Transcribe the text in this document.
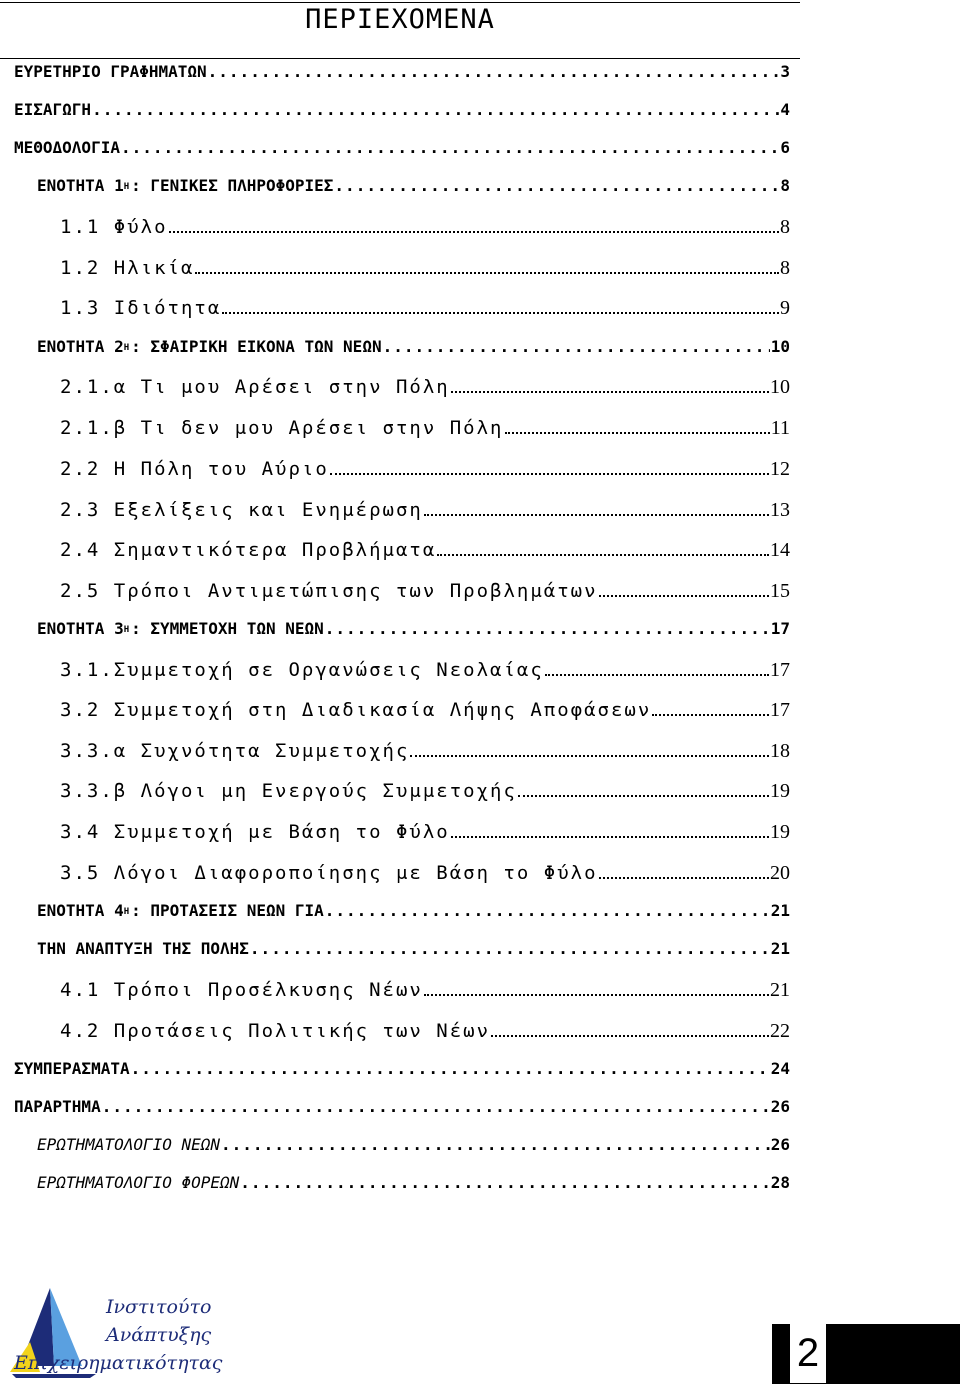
ΠΕΡΙΕΧΟΜΕΝΑ
ΕΥΡΕΤΗΡΙΟ ΓΡΑΦΗΜΑΤΩΝ .....	3
ΕΙΣΑΓΩΓΗ .....	4
ΜΕΘΟΔΟΛΟΓΙΑ .....	6
ΕΝΟΤΗΤΑ $1^H$ : ΓΕΝΙΚΕΣ ΠΛΗΡΟΦΟΡΙΕΣ .....	8
1.1 Φύλο	8
1.2 Ηλικία	8
1.3 Ιδιότητα	9
ΕΝΟΤΗΤΑ $2^H$ : ΣΦΑΙΡΙΚΗ ΕΙΚΟΝΑ ΤΩΝ ΝΕΩΝ .....	10
2.1.α Τι μου Αρέσει στην Πόλη	10
2.1.β Τι δεν μου Αρέσει στην Πόλη	11
2.2 Η Πόλη του Αύριο	12
2.3 Εξελίξεις και Ενημέρωση	13
2.4 Σημαντικότερα Προβλήματα	14
2.5 Τρόποι Αντιμετώπισης των Προβλημάτων	15
ΕΝΟΤΗΤΑ $3^H$ : ΣΥΜΜΕΤΟΧΗ ΤΩΝ ΝΕΩΝ .....	17
3.1.Συμμετοχή σε Οργανώσεις Νεολαίας	17
3.2 Συμμετοχή στη Διαδικασία Λήψης Αποφάσεων	17
3.3.α Συχνότητα Συμμετοχής	18
3.3.β Λόγοι μη Ενεργούς Συμμετοχής	19
3.4 Συμμετοχή με Βάση το Φύλο	19
3.5 Λόγοι Διαφοροποίησης με Βάση το Φύλο	20
ΕΝΟΤΗΤΑ $4^H$ : ΠΡΟΤΑΣΕΙΣ ΝΕΩΝ ΓΙΑ .....	21
ΤΗΝ ΑΝΑΠΤΥΞΗ ΤΗΣ ΠΟΛΗΣ .....	21
4.1 Τρόποι Προσέλκυσης Νέων	21
4.2 Προτάσεις Πολιτικής των Νέων	22
ΣΥΜΠΕΡΑΣΜΑΤΑ .....	24
ΠΑΡΑΡΤΗΜΑ .....	26
ΕΡΩΤΗΜΑΤΟΛΟΓΙΟ ΝΕΩΝ .....	26
ΕΡΩΤΗΜΑΤΟΛΟΓΙΟ ΦΟΡΕΩΝ .....	28
Ινστιτούτο
Ανάπτυξης
Επιχειρηματικότητας	2
